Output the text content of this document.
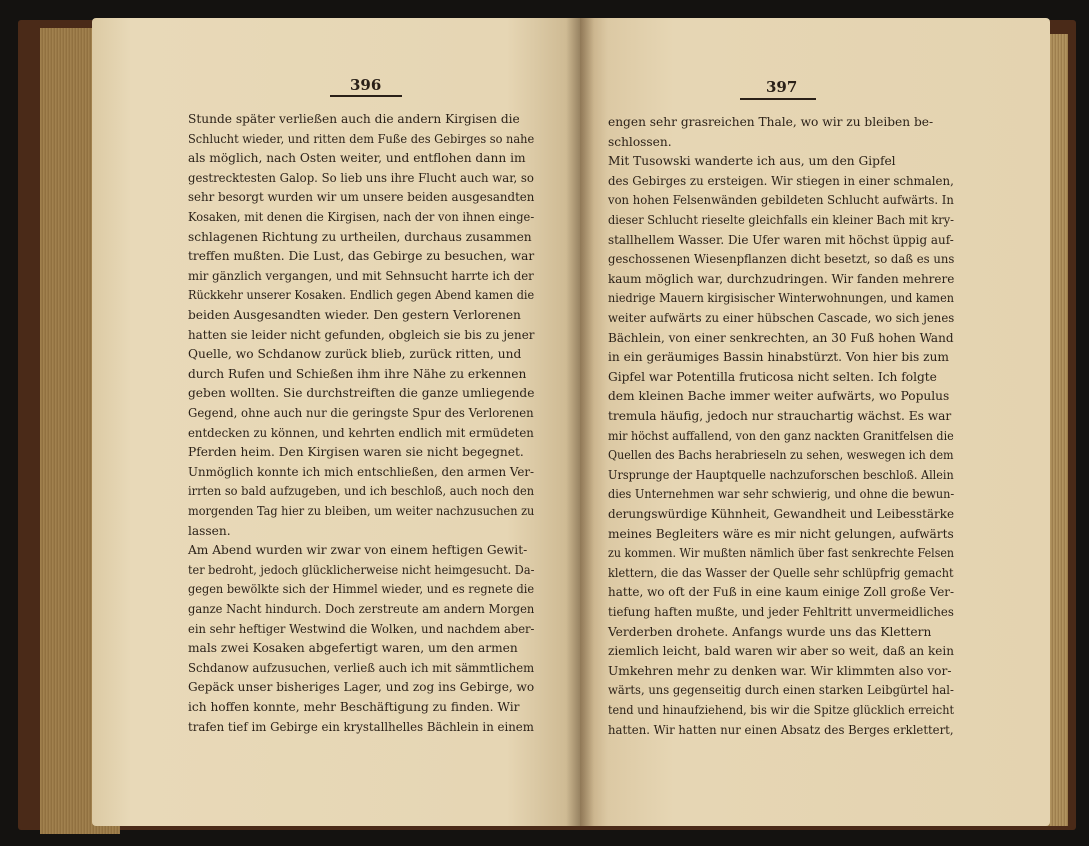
396	397
Stunde später verließen auch die andern Kirgisen die
Schlucht wieder, und ritten dem Fuße des Gebirges so nahe
als möglich, nach Osten weiter, und entflohen dann im
gestrecktesten Galop. So lieb uns ihre Flucht auch war, so
sehr besorgt wurden wir um unsere beiden ausgesandten
Kosaken, mit denen die Kirgisen, nach der von ihnen einge-
schlagenen Richtung zu urtheilen, durchaus zusammen
treffen mußten. Die Lust, das Gebirge zu besuchen, war
mir gänzlich vergangen, und mit Sehnsucht harrte ich der
Rückkehr unserer Kosaken. Endlich gegen Abend kamen die
beiden Ausgesandten wieder. Den gestern Verlorenen
hatten sie leider nicht gefunden, obgleich sie bis zu jener
Quelle, wo Schdanow zurück blieb, zurück ritten, und
durch Rufen und Schießen ihm ihre Nähe zu erkennen
geben wollten. Sie durchstreiften die ganze umliegende
Gegend, ohne auch nur die geringste Spur des Verlorenen
entdecken zu können, und kehrten endlich mit ermüdeten
Pferden heim. Den Kirgisen waren sie nicht begegnet.
Unmöglich konnte ich mich entschließen, den armen Ver-
irrten so bald aufzugeben, und ich beschloß, auch noch den
morgenden Tag hier zu bleiben, um weiter nachzusuchen zu
lassen.
Am Abend wurden wir zwar von einem heftigen Gewit-
ter bedroht, jedoch glücklicherweise nicht heimgesucht. Da-
gegen bewölkte sich der Himmel wieder, und es regnete die
ganze Nacht hindurch. Doch zerstreute am andern Morgen
ein sehr heftiger Westwind die Wolken, und nachdem aber-
mals zwei Kosaken abgefertigt waren, um den armen
Schdanow aufzusuchen, verließ auch ich mit sämmtlichem
Gepäck unser bisheriges Lager, und zog ins Gebirge, wo
ich hoffen konnte, mehr Beschäftigung zu finden. Wir
trafen tief im Gebirge ein krystallhelles Bächlein in einem
engen sehr grasreichen Thale, wo wir zu bleiben be-
schlossen.
Mit Tusowski wanderte ich aus, um den Gipfel
des Gebirges zu ersteigen. Wir stiegen in einer schmalen,
von hohen Felsenwänden gebildeten Schlucht aufwärts. In
dieser Schlucht rieselte gleichfalls ein kleiner Bach mit kry-
stallhellem Wasser. Die Ufer waren mit höchst üppig auf-
geschossenen Wiesenpflanzen dicht besetzt, so daß es uns
kaum möglich war, durchzudringen. Wir fanden mehrere
niedrige Mauern kirgisischer Winterwohnungen, und kamen
weiter aufwärts zu einer hübschen Cascade, wo sich jenes
Bächlein, von einer senkrechten, an 30 Fuß hohen Wand
in ein geräumiges Bassin hinabstürzt. Von hier bis zum
Gipfel war Potentilla fruticosa nicht selten. Ich folgte
dem kleinen Bache immer weiter aufwärts, wo Populus
tremula häufig, jedoch nur strauchartig wächst. Es war
mir höchst auffallend, von den ganz nackten Granitfelsen die
Quellen des Bachs herabrieseln zu sehen, weswegen ich dem
Ursprunge der Hauptquelle nachzuforschen beschloß. Allein
dies Unternehmen war sehr schwierig, und ohne die bewun-
derungswürdige Kühnheit, Gewandheit und Leibesstärke
meines Begleiters wäre es mir nicht gelungen, aufwärts
zu kommen. Wir mußten nämlich über fast senkrechte Felsen
klettern, die das Wasser der Quelle sehr schlüpfrig gemacht
hatte, wo oft der Fuß in eine kaum einige Zoll große Ver-
tiefung haften mußte, und jeder Fehltritt unvermeidliches
Verderben drohete. Anfangs wurde uns das Klettern
ziemlich leicht, bald waren wir aber so weit, daß an kein
Umkehren mehr zu denken war. Wir klimmten also vor-
wärts, uns gegenseitig durch einen starken Leibgürtel hal-
tend und hinaufziehend, bis wir die Spitze glücklich erreicht
hatten. Wir hatten nur einen Absatz des Berges erklettert,
